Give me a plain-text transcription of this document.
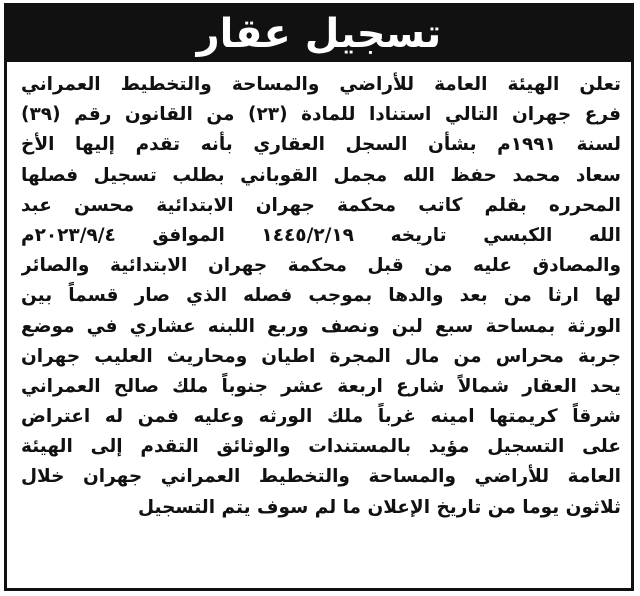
تسجيل عقار
تعلن الهيئة العامة للأراضي والمساحة والتخطيط العمراني
فرع جهران التالي استنادا للمادة (٢٣) من القانون رقم (٣٩)
لسنة ١٩٩١م بشأن السجل العقاري بأنه تقدم إليها الأخ
سعاد محمد حفظ الله مجمل القوباني بطلب تسجيل فصلها
المحرره بقلم كاتب محكمة جهران الابتدائية محسن عبد
الله الكبسي تاريخه ١٤٤٥/٢/١٩ الموافق ٢٠٢٣/٩/٤م
والمصادق عليه من قبل محكمة جهران الابتدائية والصائر
لها ارثا من بعد والدها بموجب فصله الذي صار قسماً بين
الورثة بمساحة سبع لبن ونصف وربع اللبنه عشاري في موضع
جربة محراس من مال المجرة اطيان ومحاريث العليب جهران
يحد العقار شمالاً شارع اربعة عشر جنوباً ملك صالح العمراني
شرقاً كريمتها امينه غرباً ملك الورثه وعليه فمن له اعتراض
على التسجيل مؤيد بالمستندات والوثائق التقدم إلى الهيئة
العامة للأراضي والمساحة والتخطيط العمراني جهران خلال
ثلاثون يوما من تاريخ الإعلان ما لم سوف يتم التسجيل
